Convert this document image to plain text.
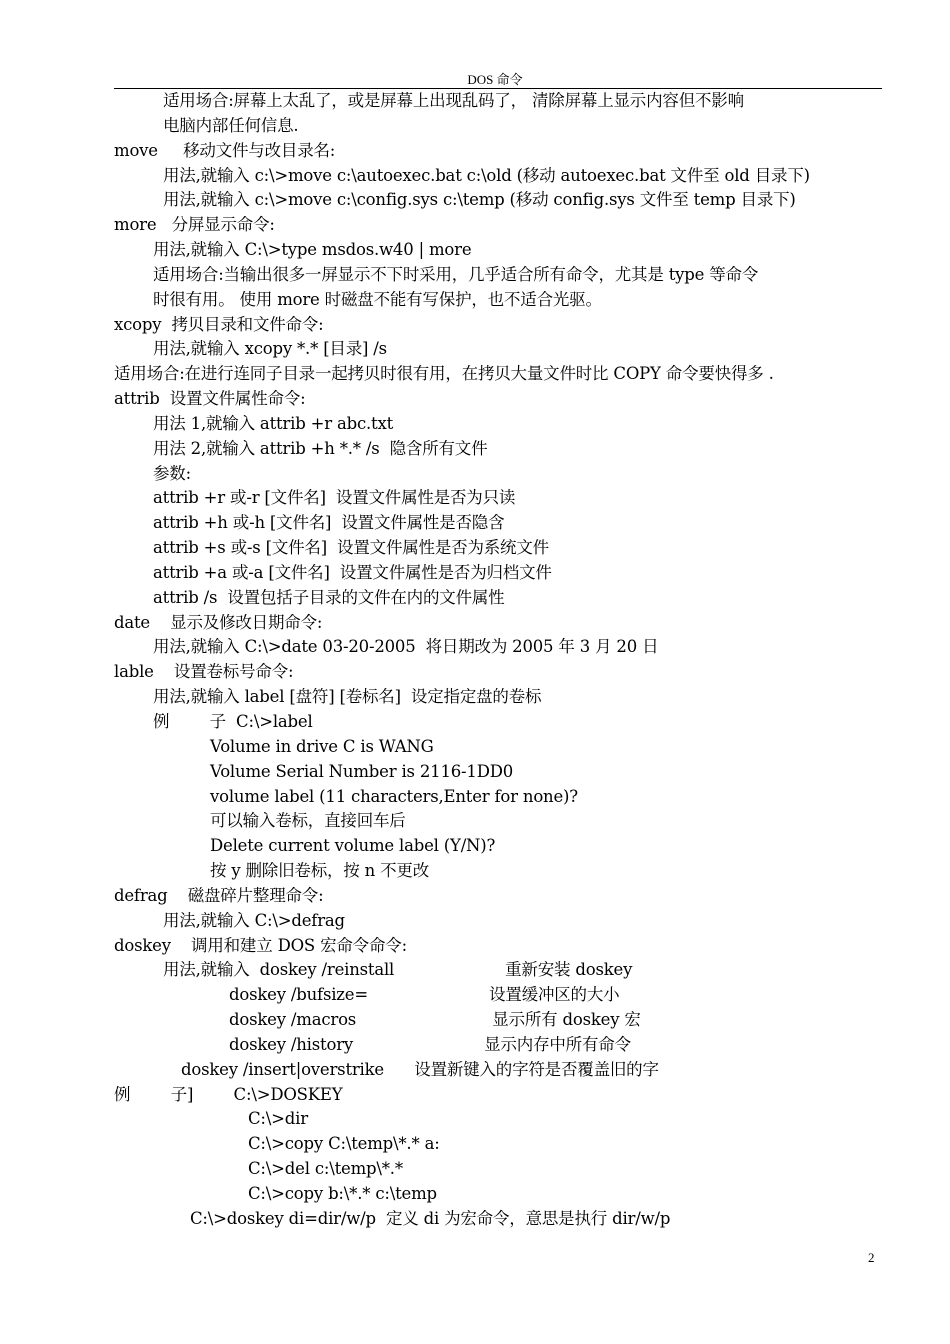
DOS 命令
适用场合:屏幕上太乱了，或是屏幕上出现乱码了， 清除屏幕上显示内容但不影响
电脑内部任何信息.
move     移动文件与改目录名:
用法,就输入 c:\>move c:\autoexec.bat c:\old (移动 autoexec.bat 文件至 old 目录下)
用法,就输入 c:\>move c:\config.sys c:\temp (移动 config.sys 文件至 temp 目录下)
more   分屏显示命令:
用法,就输入 C:\>type msdos.w40 | more
适用场合:当输出很多一屏显示不下时采用，几乎适合所有命令，尤其是 type 等命令
时很有用。 使用 more 时磁盘不能有写保护，也不适合光驱。
xcopy  拷贝目录和文件命令:
用法,就输入 xcopy *.* [目录] /s
适用场合:在进行连同子目录一起拷贝时很有用，在拷贝大量文件时比 COPY 命令要快得多 .
attrib  设置文件属性命令:
用法 1,就输入 attrib +r abc.txt
用法 2,就输入 attrib +h *.* /s  隐含所有文件
参数:
attrib +r 或-r [文件名]  设置文件属性是否为只读
attrib +h 或-h [文件名]  设置文件属性是否隐含
attrib +s 或-s [文件名]  设置文件属性是否为系统文件
attrib +a 或-a [文件名]  设置文件属性是否为归档文件
attrib /s  设置包括子目录的文件在内的文件属性
date    显示及修改日期命令:
用法,就输入 C:\>date 03-20-2005  将日期改为 2005 年 3 月 20 日
lable    设置卷标号命令:
用法,就输入 label [盘符] [卷标名]  设定指定盘的卷标
例        子  C:\>label
Volume in drive C is WANG
Volume Serial Number is 2116-1DD0
volume label (11 characters,Enter for none)?
可以输入卷标，直接回车后
Delete current volume label (Y/N)?
按 y 删除旧卷标，按 n 不更改
defrag    磁盘碎片整理命令:
用法,就输入 C:\>defrag
doskey    调用和建立 DOS 宏命令命令:
用法,就输入  doskey /reinstall                      重新安装 doskey
doskey /bufsize=                        设置缓冲区的大小
doskey /macros                           显示所有 doskey 宏
doskey /history                          显示内存中所有命令
doskey /insert|overstrike      设置新键入的字符是否覆盖旧的字
例        子]        C:\>DOSKEY
C:\>dir
C:\>copy C:\temp\*.* a:
C:\>del c:\temp\*.*
C:\>copy b:\*.* c:\temp
C:\>doskey di=dir/w/p  定义 di 为宏命令，意思是执行 dir/w/p
2
